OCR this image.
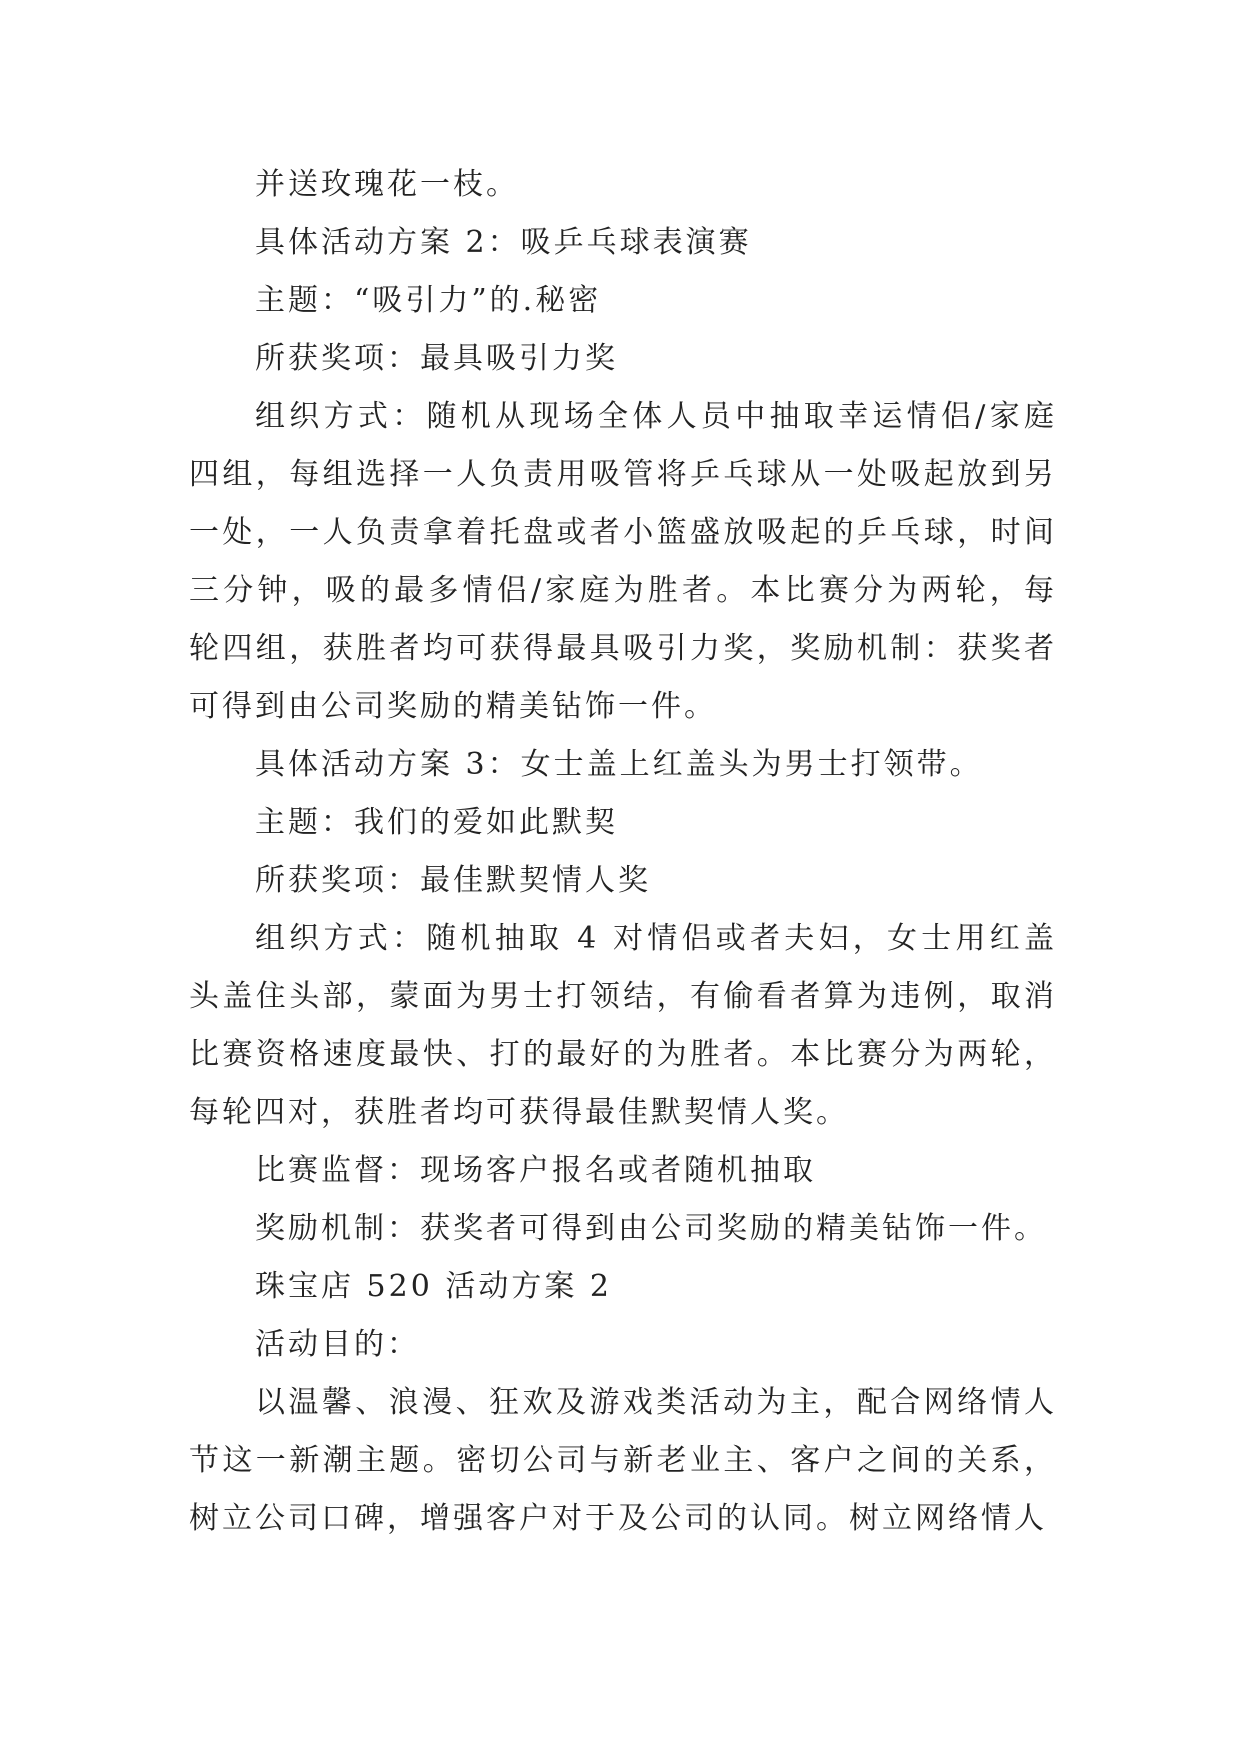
并送玫瑰花一枝。

具体活动方案 2：吸乒乓球表演赛

主题：“吸引力”的.秘密

所获奖项：最具吸引力奖

组织方式：随机从现场全体人员中抽取幸运情侣/家庭四组，每组选择一人负责用吸管将乒乓球从一处吸起放到另一处，一人负责拿着托盘或者小篮盛放吸起的乒乓球，时间三分钟，吸的最多情侣/家庭为胜者。本比赛分为两轮，每轮四组，获胜者均可获得最具吸引力奖，奖励机制：获奖者可得到由公司奖励的精美钻饰一件。

具体活动方案 3：女士盖上红盖头为男士打领带。

主题：我们的爱如此默契

所获奖项：最佳默契情人奖

组织方式：随机抽取 4 对情侣或者夫妇，女士用红盖头盖住头部，蒙面为男士打领结，有偷看者算为违例，取消比赛资格速度最快、打的最好的为胜者。本比赛分为两轮，每轮四对，获胜者均可获得最佳默契情人奖。

比赛监督：现场客户报名或者随机抽取

奖励机制：获奖者可得到由公司奖励的精美钻饰一件。

珠宝店 520 活动方案 2

活动目的：

以温馨、浪漫、狂欢及游戏类活动为主，配合网络情人节这一新潮主题。密切公司与新老业主、客户之间的关系，树立公司口碑，增强客户对于及公司的认同。树立网络情人
